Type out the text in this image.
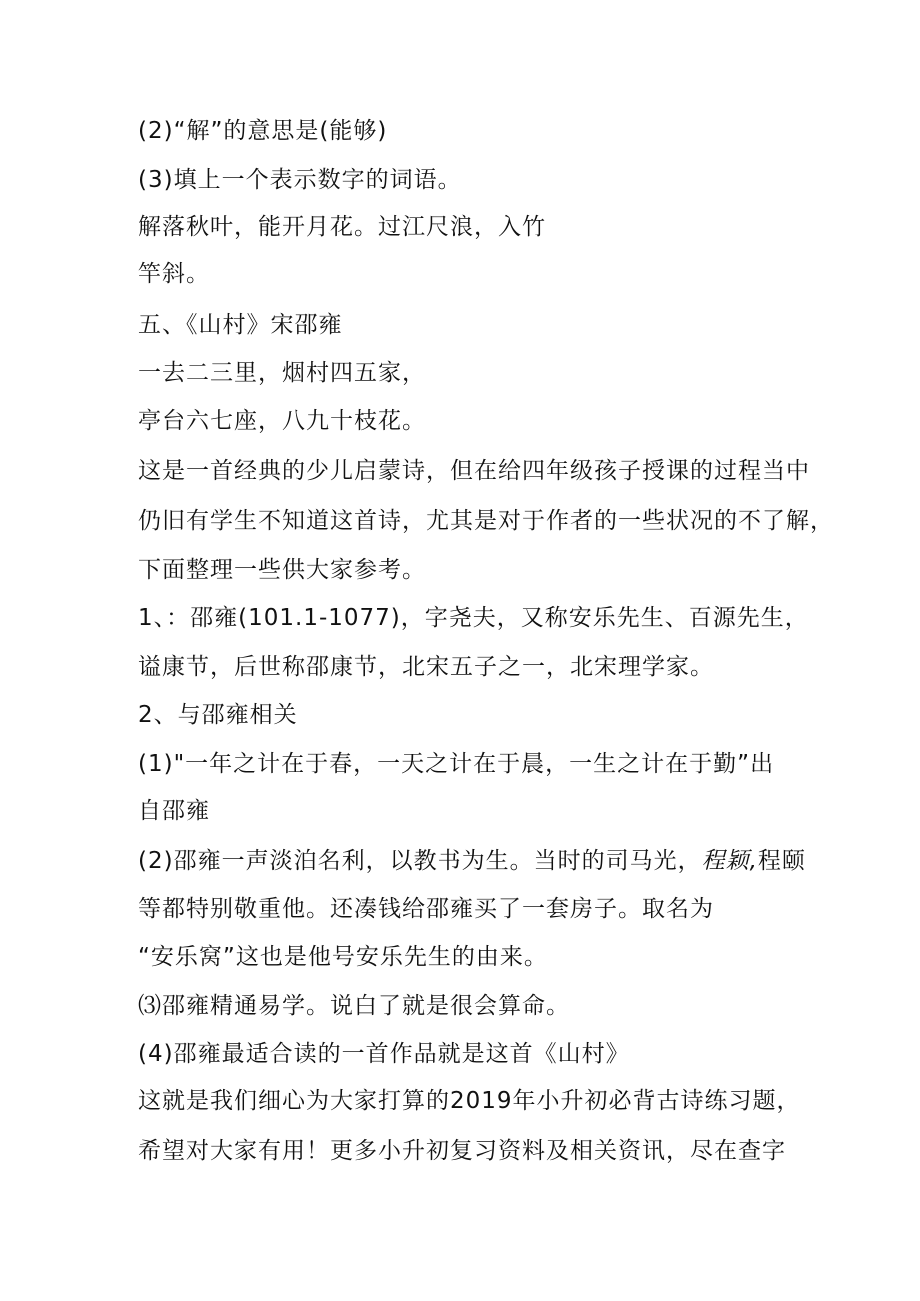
(2)“解”的意思是(能够)
(3)填上一个表示数字的词语。
解落秋叶，能开月花。过江尺浪，入竹
竿斜。
五、《山村》宋邵雍
一去二三里，烟村四五家，
亭台六七座，八九十枝花。
这是一首经典的少儿启蒙诗，但在给四年级孩子授课的过程当中
仍旧有学生不知道这首诗，尤其是对于作者的一些状况的不了解，
下面整理一些供大家参考。
1、：邵雍(101.1-1077)，字尧夫，又称安乐先生、百源先生，
谥康节，后世称邵康节，北宋五子之一，北宋理学家。
2、与邵雍相关
(1)"一年之计在于春，一天之计在于晨，一生之计在于勤”出
自邵雍
(2)邵雍一声淡泊名利，以教书为生。当时的司马光，程颖,程颐
等都特别敬重他。还凑钱给邵雍买了一套房子。取名为
“安乐窝”这也是他号安乐先生的由来。
⑶邵雍精通易学。说白了就是很会算命。
(4)邵雍最适合读的一首作品就是这首《山村》
这就是我们细心为大家打算的2019年小升初必背古诗练习题，
希望对大家有用！更多小升初复习资料及相关资讯，尽在查字
